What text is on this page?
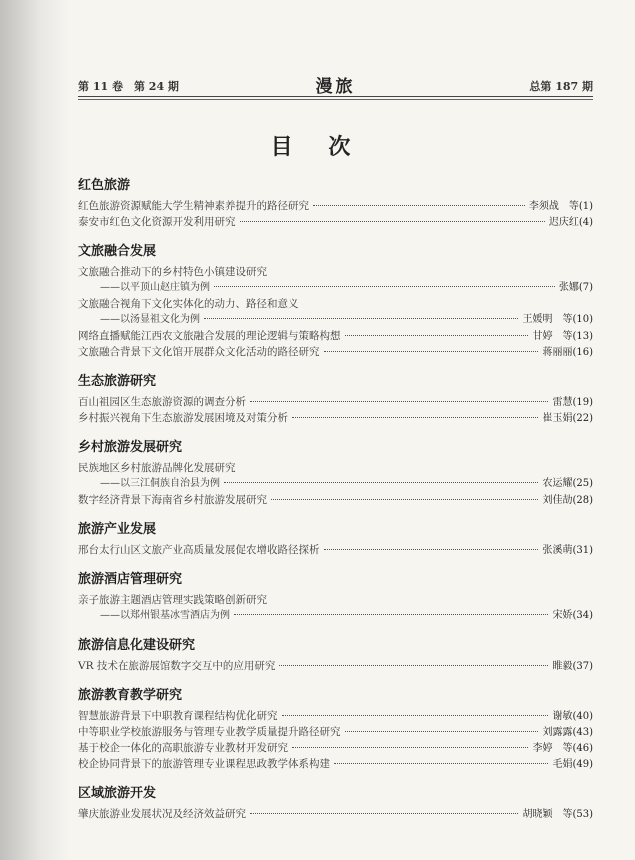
第 11 卷　第 24 期	漫旅	总第 187 期
目 次
红色旅游
红色旅游资源赋能大学生精神素养提升的路径研究	李须战　等(1)
泰安市红色文化资源开发利用研究	迟庆红(4)
文旅融合发展
文旅融合推动下的乡村特色小镇建设研究
——以平顶山赵庄镇为例	张娜(7)
文旅融合视角下文化实体化的动力、路径和意义
——以汤显祖文化为例	王媛明　等(10)
网络直播赋能江西农文旅融合发展的理论逻辑与策略构想	甘婷　等(13)
文旅融合背景下文化馆开展群众文化活动的路径研究	蒋丽丽(16)
生态旅游研究
百山祖园区生态旅游资源的调查分析	雷慧(19)
乡村振兴视角下生态旅游发展困境及对策分析	崔玉娟(22)
乡村旅游发展研究
民族地区乡村旅游品牌化发展研究
——以三江侗族自治县为例	农运耀(25)
数字经济背景下海南省乡村旅游发展研究	刘佳劼(28)
旅游产业发展
邢台太行山区文旅产业高质量发展促农增收路径探析	张溪萌(31)
旅游酒店管理研究
亲子旅游主题酒店管理实践策略创新研究
——以郑州银基冰雪酒店为例	宋娇(34)
旅游信息化建设研究
VR 技术在旅游展馆数字交互中的应用研究	睢毅(37)
旅游教育教学研究
智慧旅游背景下中职教育课程结构优化研究	谢敏(40)
中等职业学校旅游服务与管理专业教学质量提升路径研究	刘露露(43)
基于校企一体化的高职旅游专业教材开发研究	李婷　等(46)
校企协同背景下的旅游管理专业课程思政教学体系构建	毛娟(49)
区域旅游开发
肇庆旅游业发展状况及经济效益研究	胡晓颖　等(53)
